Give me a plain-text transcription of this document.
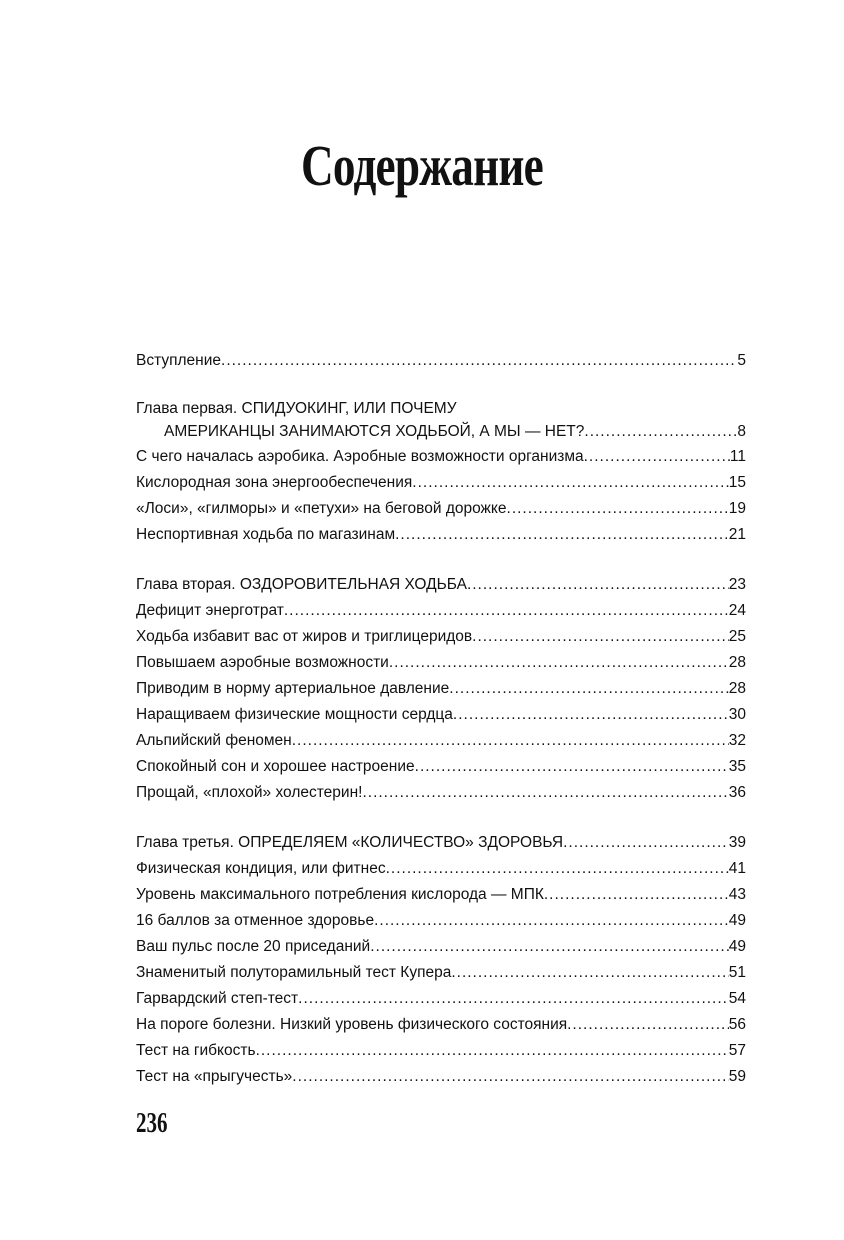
Содержание
Вступление .....	5
Глава первая. СПИДУОКИНГ, ИЛИ ПОЧЕМУ
АМЕРИКАНЦЫ ЗАНИМАЮТСЯ ХОДЬБОЙ, А МЫ — НЕТ? .....	8
С чего началась аэробика. Аэробные возможности организма .....	11
Кислородная зона энергообеспечения .....	15
«Лоси», «гилморы» и «петухи» на беговой дорожке .....	19
Неспортивная ходьба по магазинам .....	21
Глава вторая. ОЗДОРОВИТЕЛЬНАЯ ХОДЬБА .....	23
Дефицит энерготрат .....	24
Ходьба избавит вас от жиров и триглицеридов .....	25
Повышаем аэробные возможности .....	28
Приводим в норму артериальное давление .....	28
Наращиваем физические мощности сердца .....	30
Альпийский феномен .....	32
Спокойный сон и хорошее настроение .....	35
Прощай, «плохой» холестерин! .....	36
Глава третья. ОПРЕДЕЛЯЕМ «КОЛИЧЕСТВО» ЗДОРОВЬЯ .....	39
Физическая кондиция, или фитнес .....	41
Уровень максимального потребления кислорода — МПК .....	43
16 баллов за отменное здоровье .....	49
Ваш пульс после 20 приседаний .....	49
Знаменитый полуторамильный тест Купера .....	51
Гарвардский степ-тест .....	54
На пороге болезни. Низкий уровень физического состояния .....	56
Тест на гибкость .....	57
Тест на «прыгучесть» .....	59
236
